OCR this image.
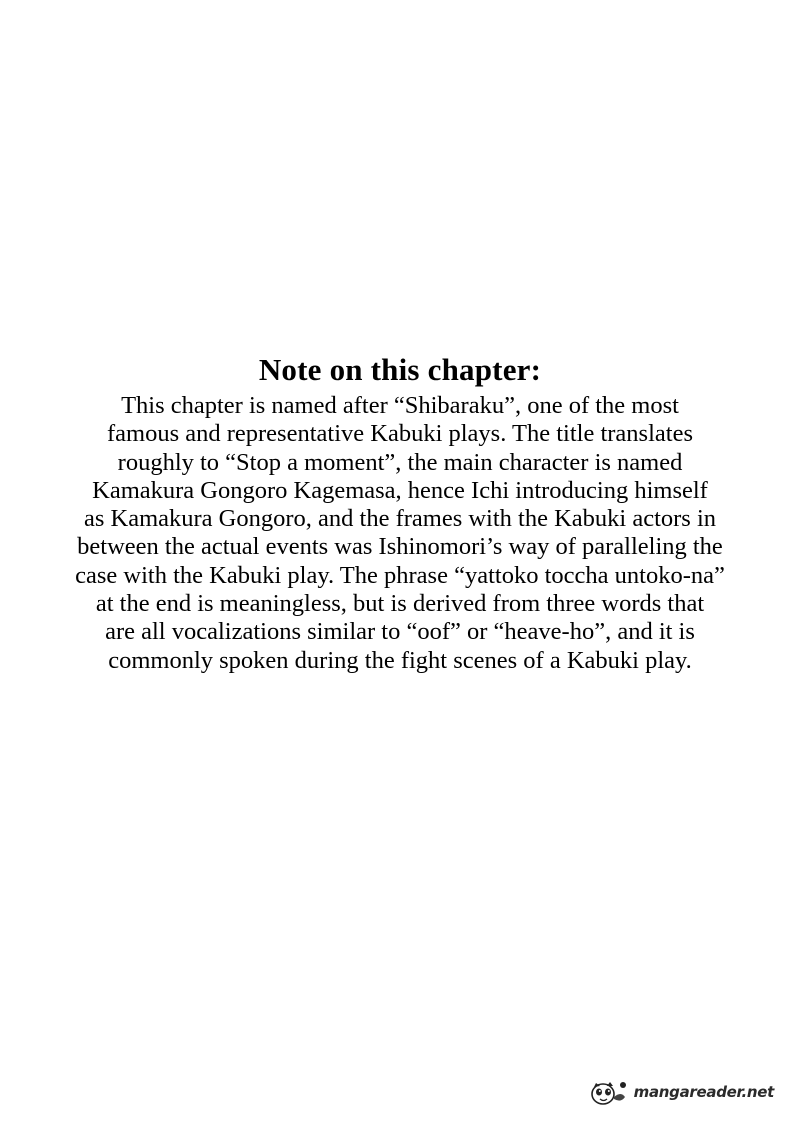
Note on this chapter:
This chapter is named after “Shibaraku”, one of the most
famous and representative Kabuki plays. The title translates
roughly to “Stop a moment”, the main character is named
Kamakura Gongoro Kagemasa, hence Ichi introducing himself
as Kamakura Gongoro, and the frames with the Kabuki actors in
between the actual events was Ishinomori’s way of paralleling the
case with the Kabuki play. The phrase “yattoko toccha untoko-na”
at the end is meaningless, but is derived from three words that
are all vocalizations similar to “oof” or “heave-ho”, and it is
commonly spoken during the fight scenes of a Kabuki play.
mangareader.net
